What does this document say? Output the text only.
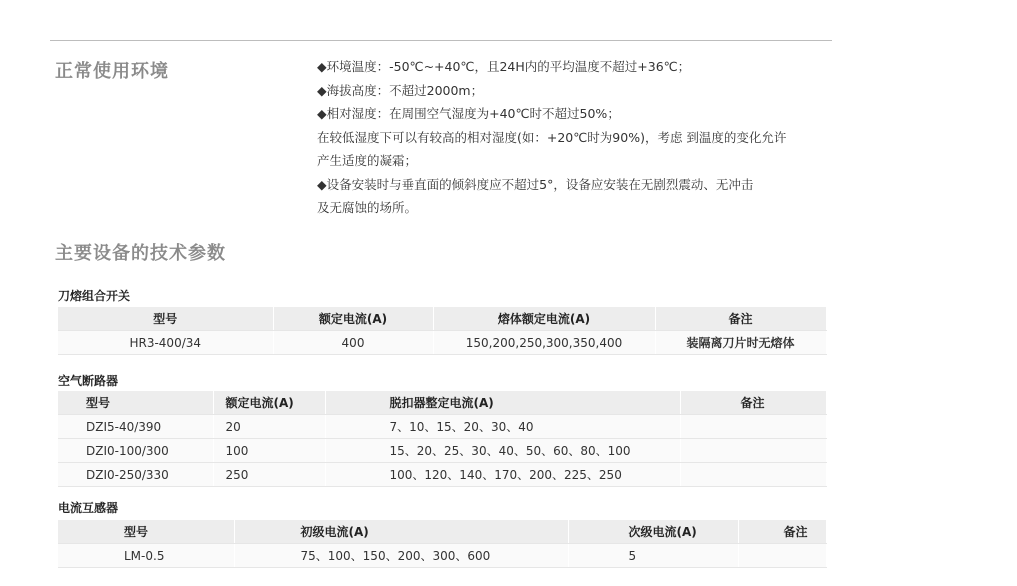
正常使用环境	◆环境温度：-50℃~+40℃，且24H内的平均温度不超过+36℃；
◆海拔高度：不超过2000m；
◆相对湿度：在周围空气湿度为+40℃时不超过50%；
在较低湿度下可以有较高的相对湿度(如：+20℃时为90%)，考虑 到温度的变化允许
产生适度的凝霜；
◆设备安装时与垂直面的倾斜度应不超过5°，设备应安装在无剧烈震动、无冲击
及无腐蚀的场所。
主要设备的技术参数
刀熔组合开关
型号	额定电流(A)	熔体额定电流(A)	备注
HR3-400/34	400	150,200,250,300,350,400	装隔离刀片时无熔体
空气断路器
型号	额定电流(A)	脱扣器整定电流(A)	备注
DZI5-40/390	20	7、10、15、20、30、40	
DZI0-100/300	100	15、20、25、30、40、50、60、80、100	
DZI0-250/330	250	100、120、140、170、200、225、250	
电流互感器
型号	初级电流(A)	次级电流(A)	备注
LM-0.5	75、100、150、200、300、600	5	
